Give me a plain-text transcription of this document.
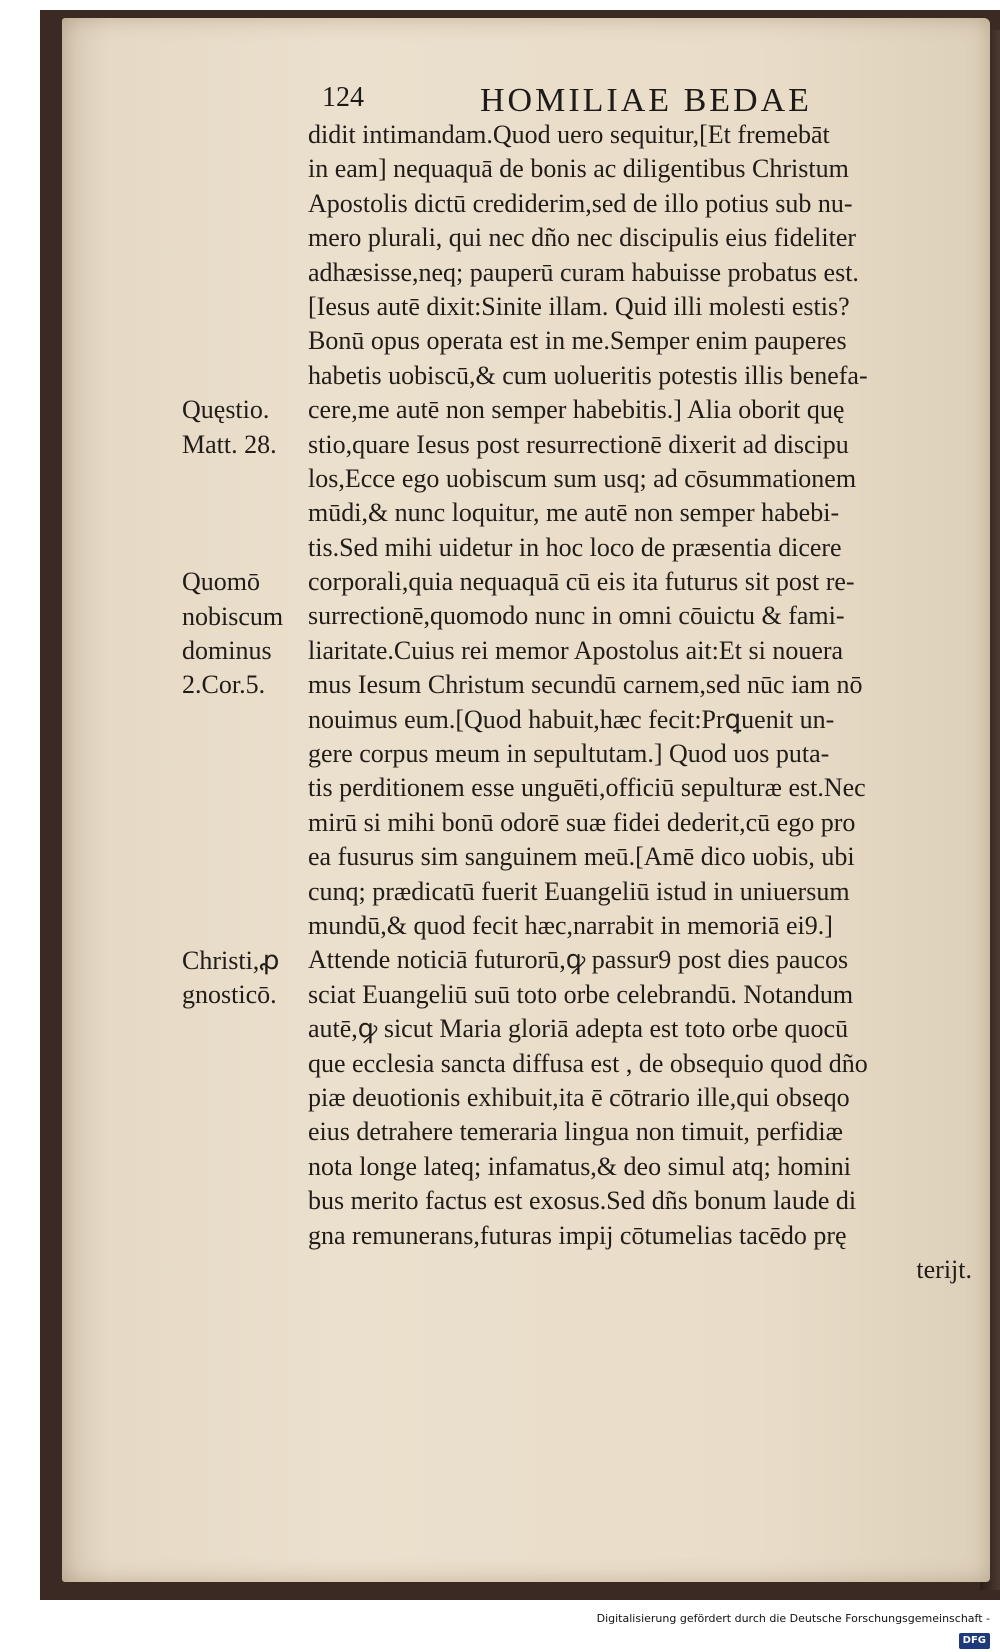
124	HOMILIAE BEDAE
didit intimandam.Quod uero sequitur,[Et fremebāt
in eam] nequaquā de bonis ac diligentibus Christum
Apostolis dictū crediderim,sed de illo potius sub nu-
mero plurali, qui nec dño nec discipulis eius fideliter
adhæsisse,neq; pauperū curam habuisse probatus est.
[Iesus autē dixit:Sinite illam. Quid illi molesti estis?
Bonū opus operata est in me.Semper enim pauperes
habetis uobiscū,& cum uolueritis potestis illis benefa-
cere,me autē non semper habebitis.] Alia oborit quę
stio,quare Iesus post resurrectionē dixerit ad discipu
los,Ecce ego uobiscum sum usq; ad cōsummationem
mūdi,& nunc loquitur, me autē non semper habebi-
tis.Sed mihi uidetur in hoc loco de præsentia dicere
corporali,quia nequaquā cū eis ita futurus sit post re-
surrectionē,quomodo nunc in omni cōuictu & fami-
liaritate.Cuius rei memor Apostolus ait:Et si nouera
mus Iesum Christum secundū carnem,sed nūc iam nō
nouimus eum.[Quod habuit,hæc fecit:Prꝗuenit un-
gere corpus meum in sepultutam.] Quod uos puta-
tis perditionem esse unguēti,officiū sepulturæ est.Nec
mirū si mihi bonū odorē suæ fidei dederit,cū ego pro
ea fusurus sim sanguinem meū.[Amē dico uobis, ubi
cunq; prædicatū fuerit Euangeliū istud in uniuersum
mundū,& quod fecit hæc,narrabit in memoriā ei9.]
Attende noticiā futurorū,ꝙ passur9 post dies paucos
sciat Euangeliū suū toto orbe celebrandū. Notandum
autē,ꝙ sicut Maria gloriā adepta est toto orbe quocū
que ecclesia sancta diffusa est , de obsequio quod dño
piæ deuotionis exhibuit,ita ē cōtrario ille,qui obseqo
eius detrahere temeraria lingua non timuit, perfidiæ
nota longe lateq; infamatus,& deo simul atq; homini
bus merito factus est exosus.Sed dñs bonum laude di
gna remunerans,futuras impij cōtumelias tacēdo prę
terijt.
Quęstio.
Matt. 28.
Quomō
nobiscum
dominus
2.Cor.5.
Christi,ꝓ
gnosticō.
Digitalisierung gefördert durch die Deutsche Forschungsgemeinschaft - DFG
